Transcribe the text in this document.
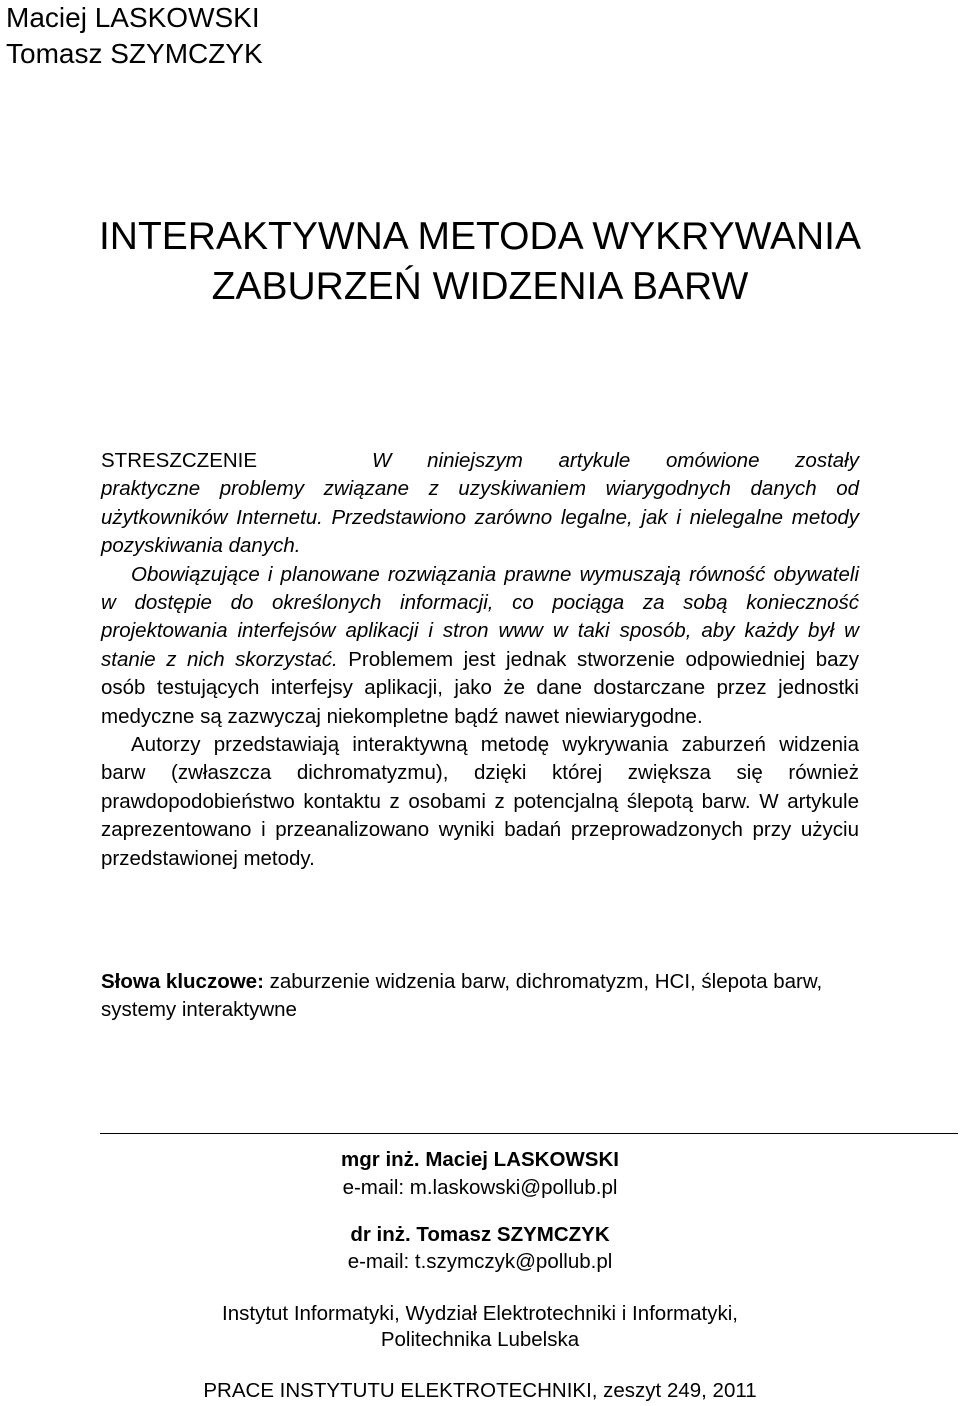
Maciej LASKOWSKI
Tomasz SZYMCZYK
INTERAKTYWNA METODA WYKRYWANIA
ZABURZEŃ WIDZENIA BARW

STRESZCZENIE	W niniejszym artykule omówione zostały

praktyczne problemy związane z uzyskiwaniem wiarygodnych danych od użytkowników Internetu. Przedstawiono zarówno legalne, jak i nielegalne metody pozyskiwania danych.

Obowiązujące i planowane rozwiązania prawne wymuszają równość obywateli w dostępie do określonych informacji, co pociąga za sobą konieczność projektowania interfejsów aplikacji i stron www w taki sposób, aby każdy był w stanie z nich skorzystać. Problemem jest jednak stworzenie odpowiedniej bazy osób testujących interfejsy aplikacji, jako że dane dostarczane przez jednostki medyczne są zazwyczaj niekompletne bądź nawet niewiarygodne.

Autorzy przedstawiają interaktywną metodę wykrywania zaburzeń widzenia barw (zwłaszcza dichromatyzmu), dzięki której zwiększa się również prawdopodobieństwo kontaktu z osobami z potencjalną ślepotą barw. W artykule zaprezentowano i przeanalizowano wyniki badań przeprowadzonych przy użyciu przedstawionej metody.

Słowa kluczowe: zaburzenie widzenia barw, dichromatyzm, HCI, ślepota barw, systemy interaktywne
mgr inż. Maciej LASKOWSKI
e-mail: m.laskowski@pollub.pl
dr inż. Tomasz SZYMCZYK
e-mail: t.szymczyk@pollub.pl
Instytut Informatyki, Wydział Elektrotechniki i Informatyki,
Politechnika Lubelska
PRACE INSTYTUTU ELEKTROTECHNIKI, zeszyt 249, 2011
